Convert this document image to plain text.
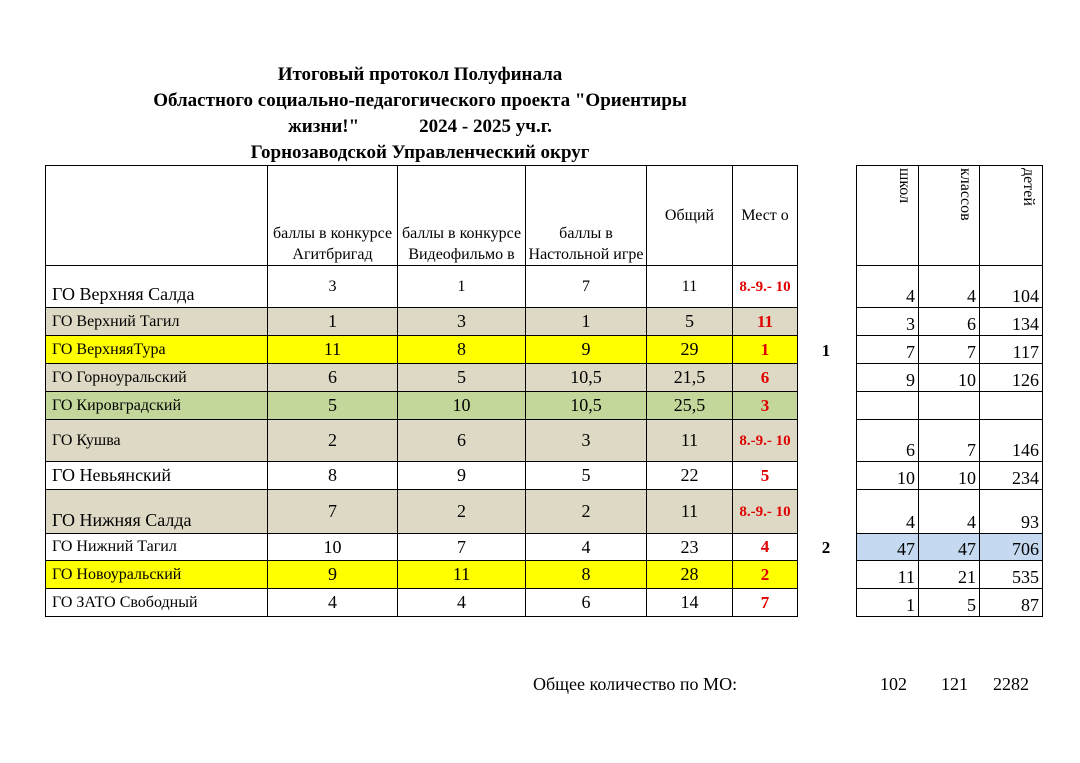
Итоговый протокол Полуфинала
Областного социально-педагогического проекта "Ориентиры
жизни!"	2024 - 2025 уч.г.
Горнозаводской Управленческий округ
	баллы в конкурсе Агитбригад	баллы в конкурсе Видеофильмо в	баллы в Настольной игре	Общий	Мест о
ГО Верхняя Салда	3	1	7	11	8.-9.- 10
ГО Верхний Тагил	1	3	1	5	11
ГО ВерхняяТура	11	8	9	29	1
ГО Горноуральский	6	5	10,5	21,5	6
ГО Кировградский	5	10	10,5	25,5	3
ГО Кушва	2	6	3	11	8.-9.- 10
ГО Невьянский	8	9	5	22	5
ГО Нижняя Салда	7	2	2	11	8.-9.- 10
ГО Нижний Тагил	10	7	4	23	4
ГО Новоуральский	9	11	8	28	2
ГО ЗАТО Свободный	4	4	6	14	7
1
2
школ	классов	детей
4	4	104
3	6	134
7	7	117
9	10	126

6	7	146
10	10	234
4	4	93
47	47	706
11	21	535
1	5	87
Общее количество по МО:	102 121 2282
